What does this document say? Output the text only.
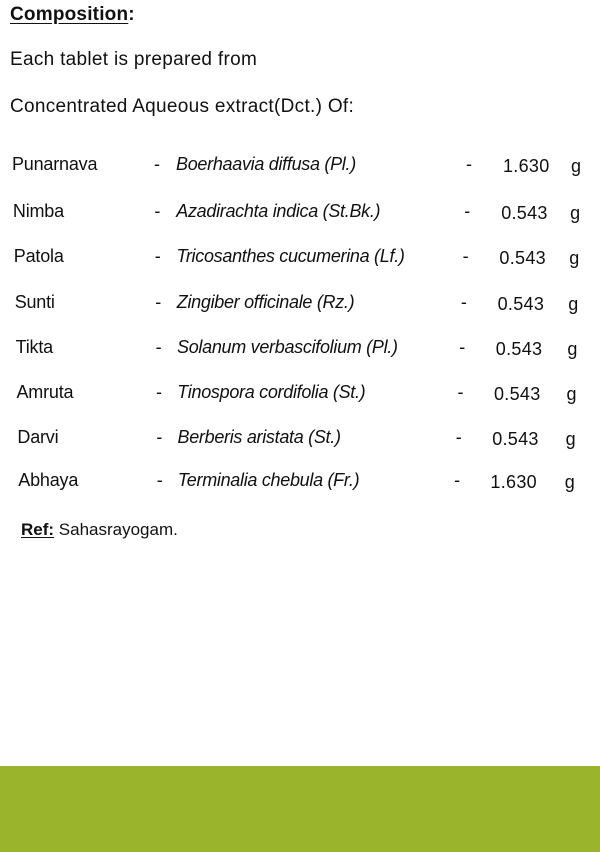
Composition:
Each tablet is prepared from
Concentrated Aqueous extract(Dct.) Of:
Punarnava	- Boerhaavia diffusa (Pl.)	- 1.630 g
Nimba	- Azadirachta indica (St.Bk.)	- 0.543 g
Patola	- Tricosanthes cucumerina (Lf.)	- 0.543 g
Sunti	- Zingiber officinale (Rz.)	- 0.543 g
Tikta	- Solanum verbascifolium (Pl.)	- 0.543 g
Amruta	- Tinospora cordifolia (St.)	- 0.543 g
Darvi	- Berberis aristata (St.)	- 0.543 g
Abhaya	- Terminalia chebula (Fr.)	- 1.630 g
Ref: Sahasrayogam.
